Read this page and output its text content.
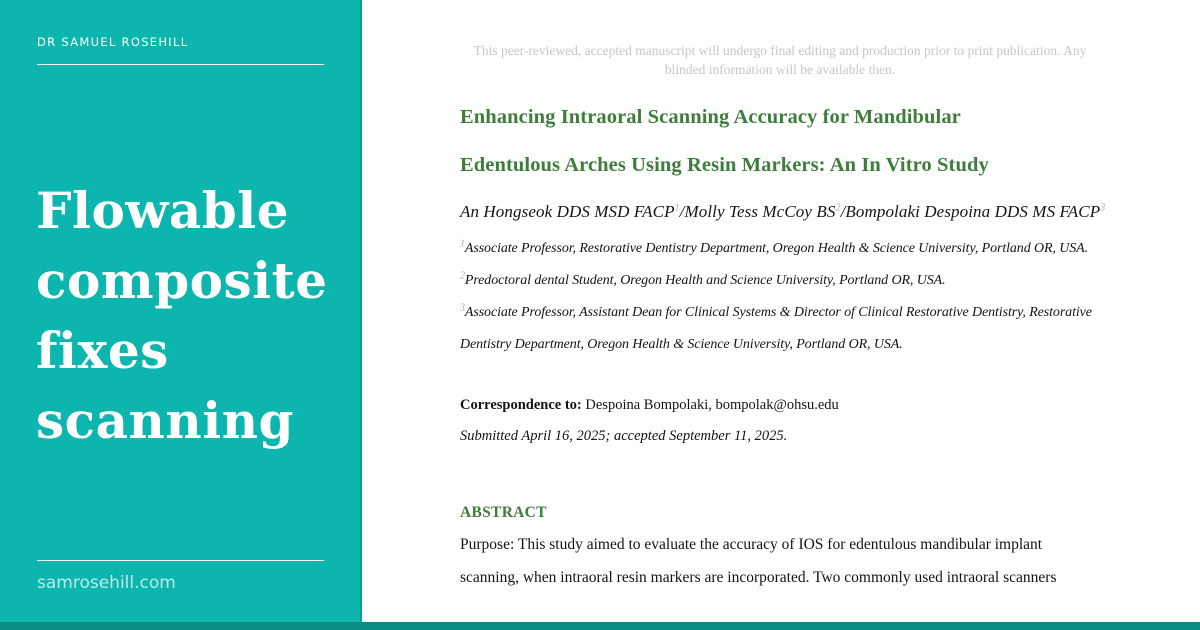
DR SAMUEL ROSEHILL
Flowable
composite
fixes
scanning
samrosehill.com
This peer-reviewed, accepted manuscript will undergo final editing and production prior to print publication. Any blinded information will be available then.
Enhancing Intraoral Scanning Accuracy for Mandibular
Edentulous Arches Using Resin Markers: An In Vitro Study
An Hongseok DDS MSD FACP$^1$/Molly Tess McCoy $BS^2$/Bompolaki Despoina DDS MS FACP$^3$
$^1$Associate Professor, Restorative Dentistry Department, Oregon Health & Science University, Portland OR, USA.
$^2$Predoctoral dental Student, Oregon Health and Science University, Portland OR, USA.
$^3$Associate Professor, Assistant Dean for Clinical Systems & Director of Clinical Restorative Dentistry, Restorative Dentistry Department, Oregon Health & Science University, Portland OR, USA.
Correspondence to: Despoina Bompolaki, bompolak@ohsu.edu
Submitted April 16, 2025; accepted September 11, 2025.
ABSTRACT
Purpose: This study aimed to evaluate the accuracy of IOS for edentulous mandibular implant
scanning, when intraoral resin markers are incorporated. Two commonly used intraoral scanners
